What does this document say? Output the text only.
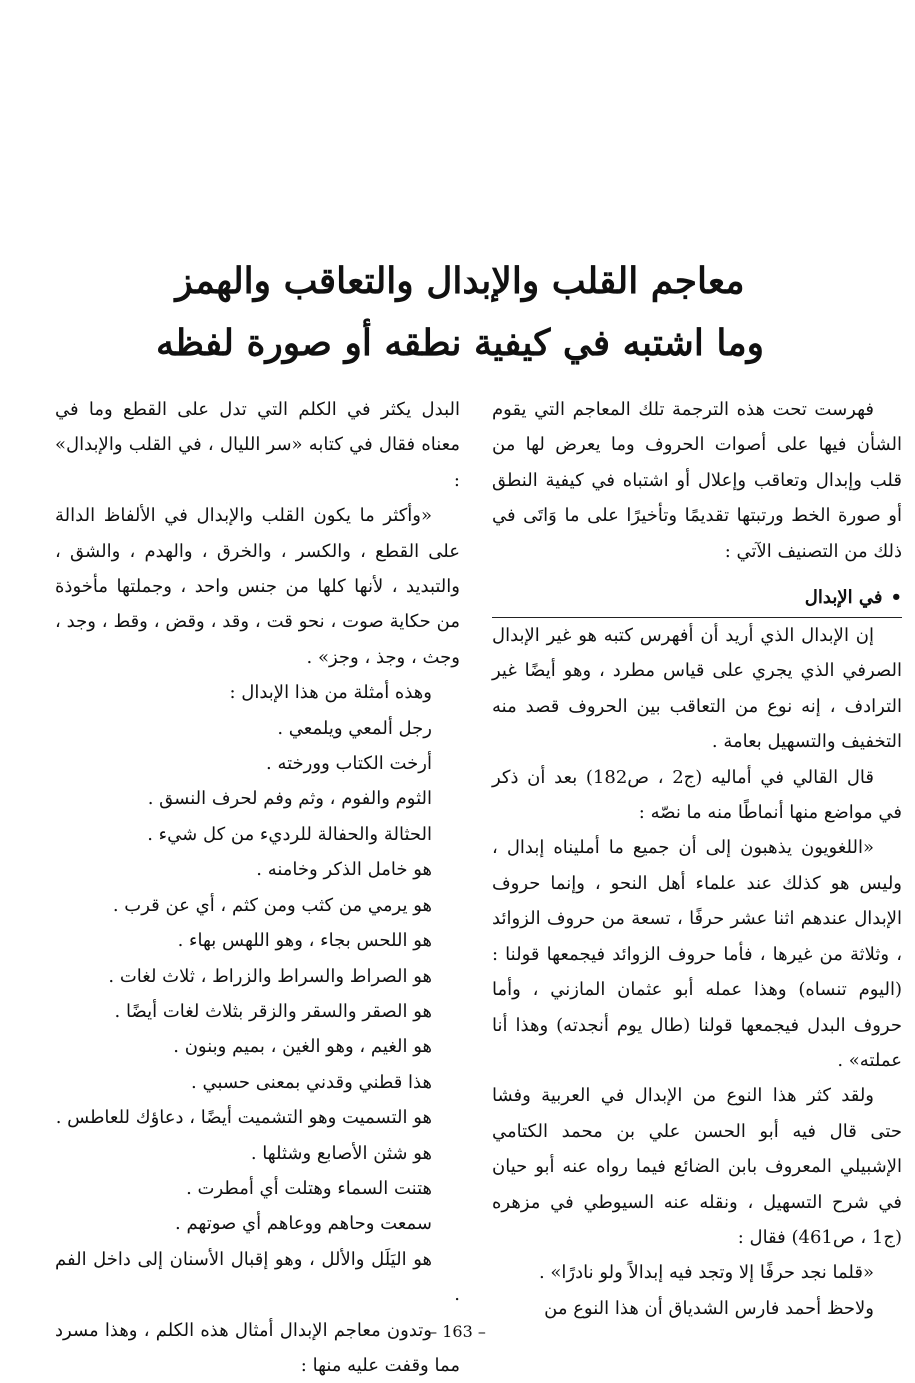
معاجم القلب والإبدال والتعاقب والهمز
وما اشتبه في كيفية نطقه أو صورة لفظه

فهرست تحت هذه الترجمة تلك المعاجم التي يقوم الشأن فيها على أصوات الحروف وما يعرض لها من قلب وإبدال وتعاقب وإعلال أو اشتباه في كيفية النطق أو صورة الخط ورتبتها تقديمًا وتأخيرًا على ما وَاتَى في ذلك من التصنيف الآتي :

•في الإبدال

إن الإبدال الذي أريد أن أفهرس كتبه هو غير الإبدال الصرفي الذي يجري على قياس مطرد ، وهو أيضًا غير الترادف ، إنه نوع من التعاقب بين الحروف قصد منه التخفيف والتسهيل بعامة .

قال القالي في أماليه (ج2 ، ص182) بعد أن ذكر في مواضع منها أنماطًا منه ما نصّه :

«اللغويون يذهبون إلى أن جميع ما أمليناه إبدال ، وليس هو كذلك عند علماء أهل النحو ، وإنما حروف الإبدال عندهم اثنا عشر حرفًا ، تسعة من حروف الزوائد ، وثلاثة من غيرها ، فأما حروف الزوائد فيجمعها قولنا : (اليوم تنساه) وهذا عمله أبو عثمان المازني ، وأما حروف البدل فيجمعها قولنا (طال يوم أنجدته) وهذا أنا عملته» .

ولقد كثر هذا النوع من الإبدال في العربية وفشا حتى قال فيه أبو الحسن علي بن محمد الكتامي الإشبيلي المعروف بابن الضائع فيما رواه عنه أبو حيان في شرح التسهيل ، ونقله عنه السيوطي في مزهره (ج1 ، ص461) فقال :

«قلما نجد حرفًا إلا وتجد فيه إبدالاً ولو نادرًا» .

ولاحظ أحمد فارس الشدياق أن هذا النوع من

البدل يكثر في الكلم التي تدل على القطع وما في معناه فقال في كتابه «سر الليال ، في القلب والإبدال» :

«وأكثر ما يكون القلب والإبدال في الألفاظ الدالة على القطع ، والكسر ، والخرق ، والهدم ، والشق ، والتبديد ، لأنها كلها من جنس واحد ، وجملتها مأخوذة من حكاية صوت ، نحو قت ، وقد ، وقض ، وقط ، وجد ، وجث ، وجذ ، وجز» .

وهذه أمثلة من هذا الإبدال :

رجل ألمعي ويلمعي .

أرخت الكتاب وورخته .

الثوم والفوم ، وثم وفم لحرف النسق .

الحثالة والحفالة للرديء من كل شيء .

هو خامل الذكر وخامنه .

هو يرمي من كثب ومن كثم ، أي عن قرب .

هو اللحس بجاء ، وهو اللهس بهاء .

هو الصراط والسراط والزراط ، ثلاث لغات .

هو الصقر والسقر والزقر بثلاث لغات أيضًا .

هو الغيم ، وهو الغين ، بميم وبنون .

هذا قطني وقدني بمعنى حسبي .

هو التسميت وهو التشميت أيضًا ، دعاؤك للعاطس .

هو شثن الأصابع وشثلها .

هتنت السماء وهتلت أي أمطرت .

سمعت وحاهم ووعاهم أي صوتهم .

هو اليَلَل والألل ، وهو إقبال الأسنان إلى داخل الفم .

وتدون معاجم الإبدال أمثال هذه الكلم ، وهذا مسرد مما وقفت عليه منها :

– 163 –
